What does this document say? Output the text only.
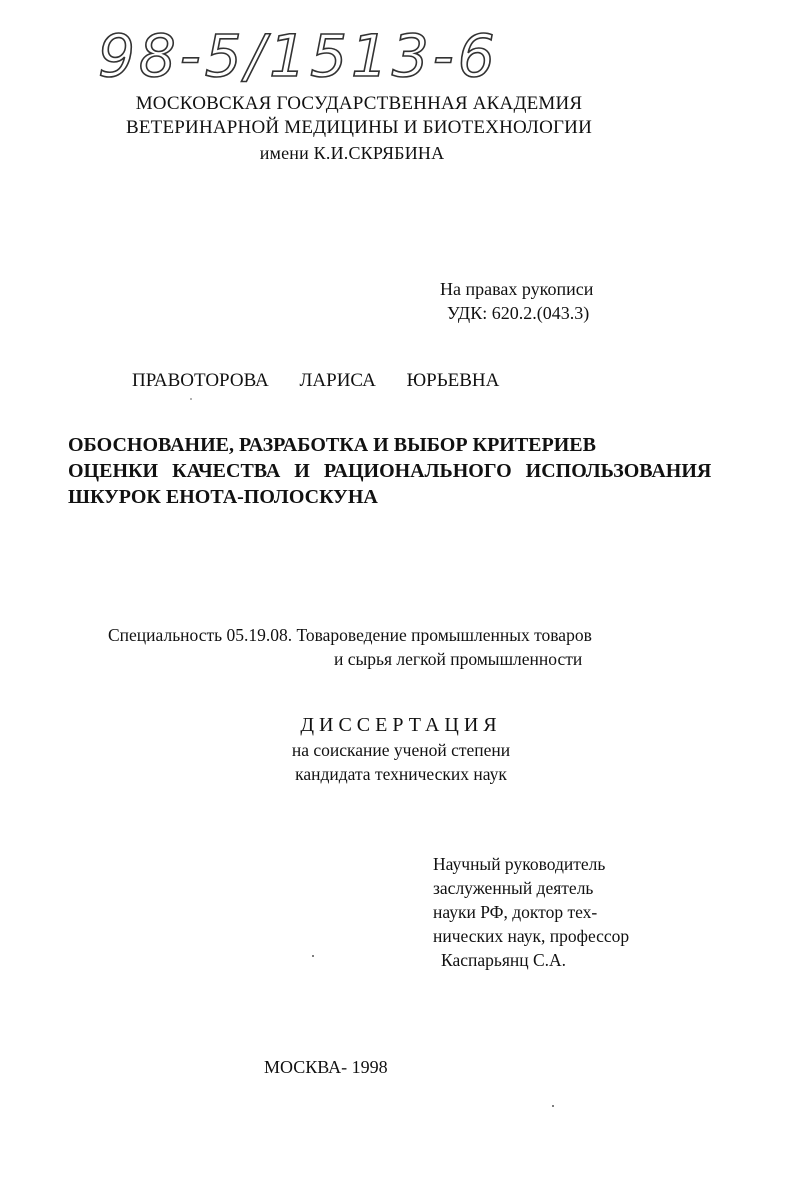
98-5/1513-6
МОСКОВСКАЯ ГОСУДАРСТВЕННАЯ АКАДЕМИЯ
ВЕТЕРИНАРНОЙ МЕДИЦИНЫ И БИОТЕХНОЛОГИИ
имени К.И.СКРЯБИНА
На правах рукописи
УДК: 620.2.(043.3)
ПРАВОТОРОВА ЛАРИСА ЮРЬЕВНА
ОБОСНОВАНИЕ, РАЗРАБОТКА И ВЫБОР КРИТЕРИЕВ
ОЦЕНКИ КАЧЕСТВА И РАЦИОНАЛЬНОГО ИСПОЛЬЗОВАНИЯ
ШКУРОК ЕНОТА-ПОЛОСКУНА
Специальность 05.19.08. Товароведение промышленных товаров
и сырья легкой промышленности
ДИССЕРТАЦИЯ
на соискание ученой степени
кандидата технических наук
Научный руководитель
заслуженный деятель
науки РФ, доктор тех-
нических наук, профессор
Каспарьянц С.А.
МОСКВА- 1998
